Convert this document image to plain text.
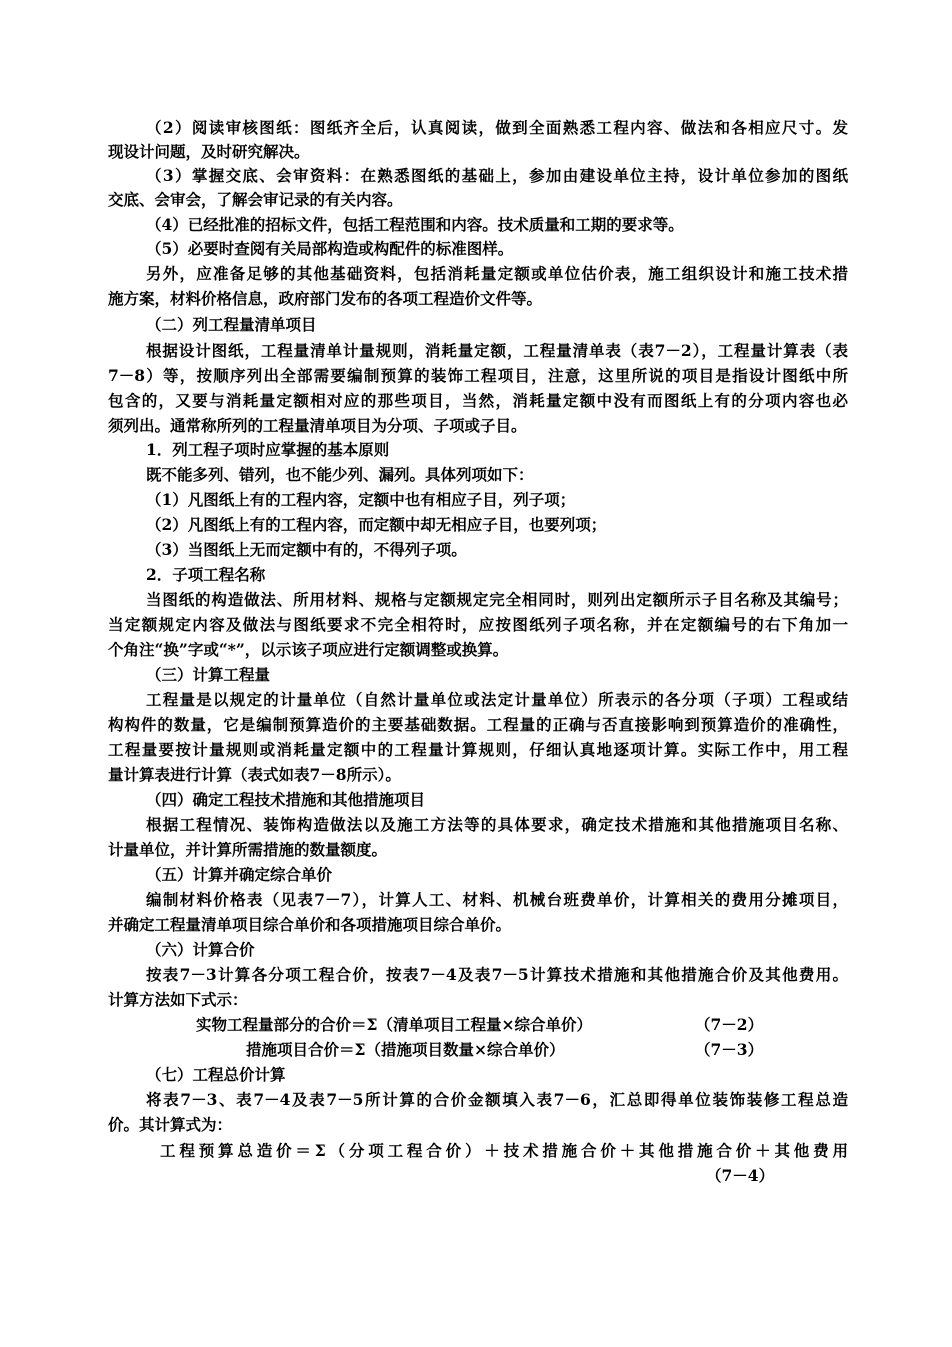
（2）阅读审核图纸：图纸齐全后，认真阅读，做到全面熟悉工程内容、做法和各相应尺寸。发
现设计问题，及时研究解决。
（3）掌握交底、会审资料：在熟悉图纸的基础上，参加由建设单位主持，设计单位参加的图纸
交底、会审会，了解会审记录的有关内容。
（4）已经批准的招标文件，包括工程范围和内容。技术质量和工期的要求等。
（5）必要时查阅有关局部构造或构配件的标准图样。
另外，应准备足够的其他基础资料，包括消耗量定额或单位估价表，施工组织设计和施工技术措
施方案，材料价格信息，政府部门发布的各项工程造价文件等。
（二）列工程量清单项目
根据设计图纸，工程量清单计量规则，消耗量定额，工程量清单表（表7－2），工程量计算表（表
7－8）等，按顺序列出全部需要编制预算的装饰工程项目，注意，这里所说的项目是指设计图纸中所
包含的，又要与消耗量定额相对应的那些项目，当然，消耗量定额中没有而图纸上有的分项内容也必
须列出。通常称所列的工程量清单项目为分项、子项或子目。
1．列工程子项时应掌握的基本原则
既不能多列、错列，也不能少列、漏列。具体列项如下：
（1）凡图纸上有的工程内容，定额中也有相应子目，列子项；
（2）凡图纸上有的工程内容，而定额中却无相应子目，也要列项；
（3）当图纸上无而定额中有的，不得列子项。
2．子项工程名称
当图纸的构造做法、所用材料、规格与定额规定完全相同时，则列出定额所示子目名称及其编号；
当定额规定内容及做法与图纸要求不完全相符时，应按图纸列子项名称，并在定额编号的右下角加一
个角注“换”字或“*”，以示该子项应进行定额调整或换算。
（三）计算工程量
工程量是以规定的计量单位（自然计量单位或法定计量单位）所表示的各分项（子项）工程或结
构构件的数量，它是编制预算造价的主要基础数据。工程量的正确与否直接影响到预算造价的准确性，
工程量要按计量规则或消耗量定额中的工程量计算规则，仔细认真地逐项计算。实际工作中，用工程
量计算表进行计算（表式如表7－8所示）。
（四）确定工程技术措施和其他措施项目
根据工程情况、装饰构造做法以及施工方法等的具体要求，确定技术措施和其他措施项目名称、
计量单位，并计算所需措施的数量额度。
（五）计算并确定综合单价
编制材料价格表（见表7－7），计算人工、材料、机械台班费单价，计算相关的费用分摊项目，
并确定工程量清单项目综合单价和各项措施项目综合单价。
（六）计算合价
按表7－3计算各分项工程合价，按表7－4及表7－5计算技术措施和其他措施合价及其他费用。
计算方法如下式示：
实物工程量部分的合价＝Σ（清单项目工程量×综合单价）	（7－2）
措施项目合价＝Σ（措施项目数量×综合单价）	（7－3）
（七）工程总价计算
将表7－3、表7－4及表7－5所计算的合价金额填入表7－6，汇总即得单位装饰装修工程总造
价。其计算式为：
工程预算总造价＝Σ（分项工程合价）＋技术措施合价＋其他措施合价＋其他费用
（7－4）
